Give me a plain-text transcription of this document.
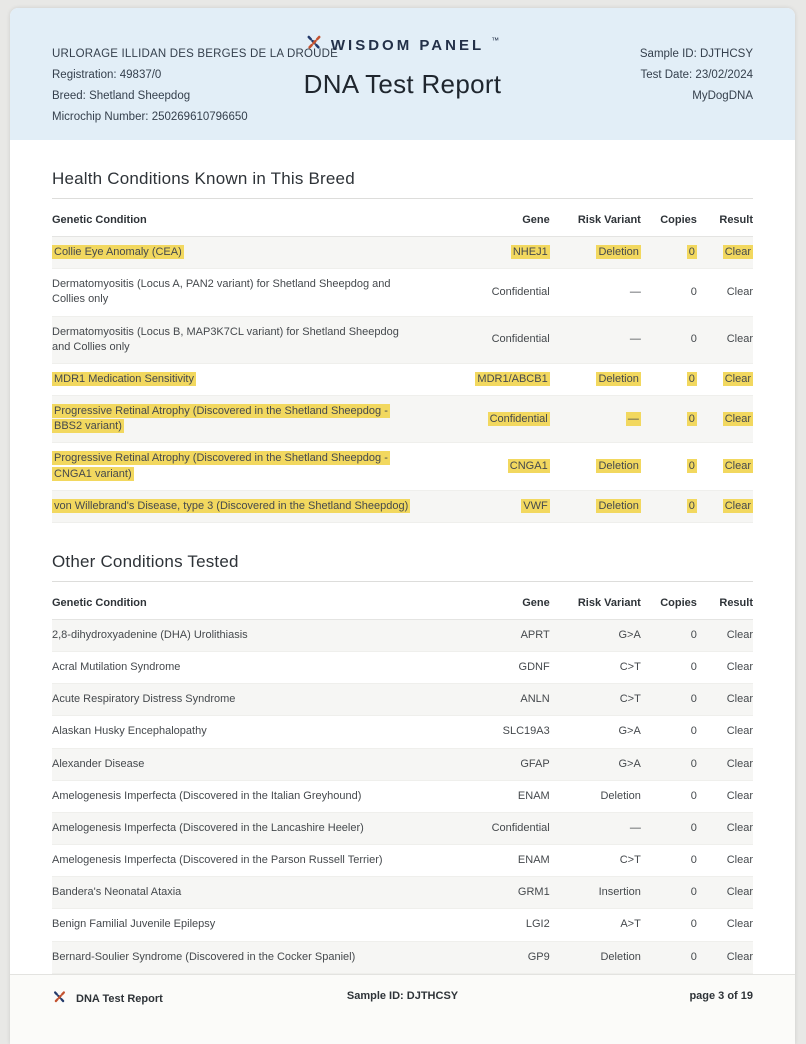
URLORAGE ILLIDAN DES BERGES DE LA DROUDE
Registration: 49837/0
Breed: Shetland Sheepdog
Microchip Number: 250269610796650
WISDOM PANEL ™
DNA Test Report
Sample ID: DJTHCSY
Test Date: 23/02/2024
MyDogDNA
Health Conditions Known in This Breed
Genetic Condition	Gene	Risk Variant	Copies	Result
Collie Eye Anomaly (CEA)	NHEJ1	Deletion	0	Clear
Dermatomyositis (Locus A, PAN2 variant) for Shetland Sheepdog and Collies only	Confidential	—	0	Clear
Dermatomyositis (Locus B, MAP3K7CL variant) for Shetland Sheepdog and Collies only	Confidential	—	0	Clear
MDR1 Medication Sensitivity	MDR1/ABCB1	Deletion	0	Clear
Progressive Retinal Atrophy (Discovered in the Shetland Sheepdog - BBS2 variant)	Confidential	—	0	Clear
Progressive Retinal Atrophy (Discovered in the Shetland Sheepdog - CNGA1 variant)	CNGA1	Deletion	0	Clear
von Willebrand's Disease, type 3 (Discovered in the Shetland Sheepdog)	VWF	Deletion	0	Clear
Other Conditions Tested
Genetic Condition	Gene	Risk Variant	Copies	Result
2,8-dihydroxyadenine (DHA) Urolithiasis	APRT	G>A	0	Clear
Acral Mutilation Syndrome	GDNF	C>T	0	Clear
Acute Respiratory Distress Syndrome	ANLN	C>T	0	Clear
Alaskan Husky Encephalopathy	SLC19A3	G>A	0	Clear
Alexander Disease	GFAP	G>A	0	Clear
Amelogenesis Imperfecta (Discovered in the Italian Greyhound)	ENAM	Deletion	0	Clear
Amelogenesis Imperfecta (Discovered in the Lancashire Heeler)	Confidential	—	0	Clear
Amelogenesis Imperfecta (Discovered in the Parson Russell Terrier)	ENAM	C>T	0	Clear
Bandera's Neonatal Ataxia	GRM1	Insertion	0	Clear
Benign Familial Juvenile Epilepsy	LGI2	A>T	0	Clear
Bernard-Soulier Syndrome (Discovered in the Cocker Spaniel)	GP9	Deletion	0	Clear
DNA Test Report	Sample ID: DJTHCSY	page 3 of 19
